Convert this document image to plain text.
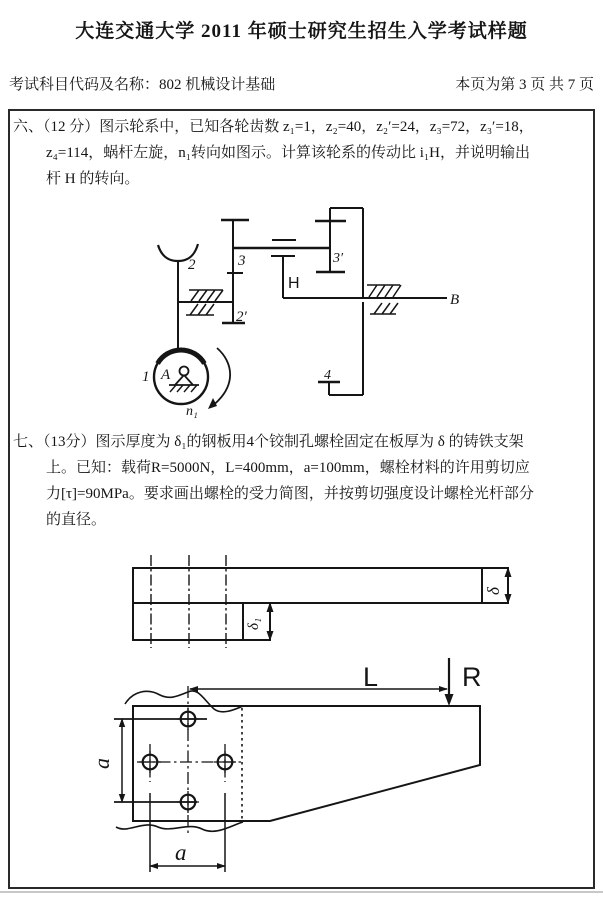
大连交通大学 2011 年硕士研究生招生入学考试样题
考试科目代码及名称：802 机械设计基础	本页为第 3 页 共 7 页
六、（12 分）图示轮系中，已知各轮齿数 z₁=1，z₂=40，z₂′=24，z₃=72，z₃′=18，
z₄=114，蜗杆左旋，n₁转向如图示。计算该轮系的传动比 i₁H，并说明输出
杆 H 的转向。
2
A
1
n₁
3
2′
H
B
3′
4
七、（13分）图示厚度为 δ₁的钢板用4个铰制孔螺栓固定在板厚为 δ 的铸铁支架
上。已知：载荷R=5000N，L=400mm，a=100mm，螺栓材料的许用剪切应
力[τ]=90MPa。要求画出螺栓的受力简图，并按剪切强度设计螺栓光杆部分
的直径。
δ
δ₁
a
a
L	R
